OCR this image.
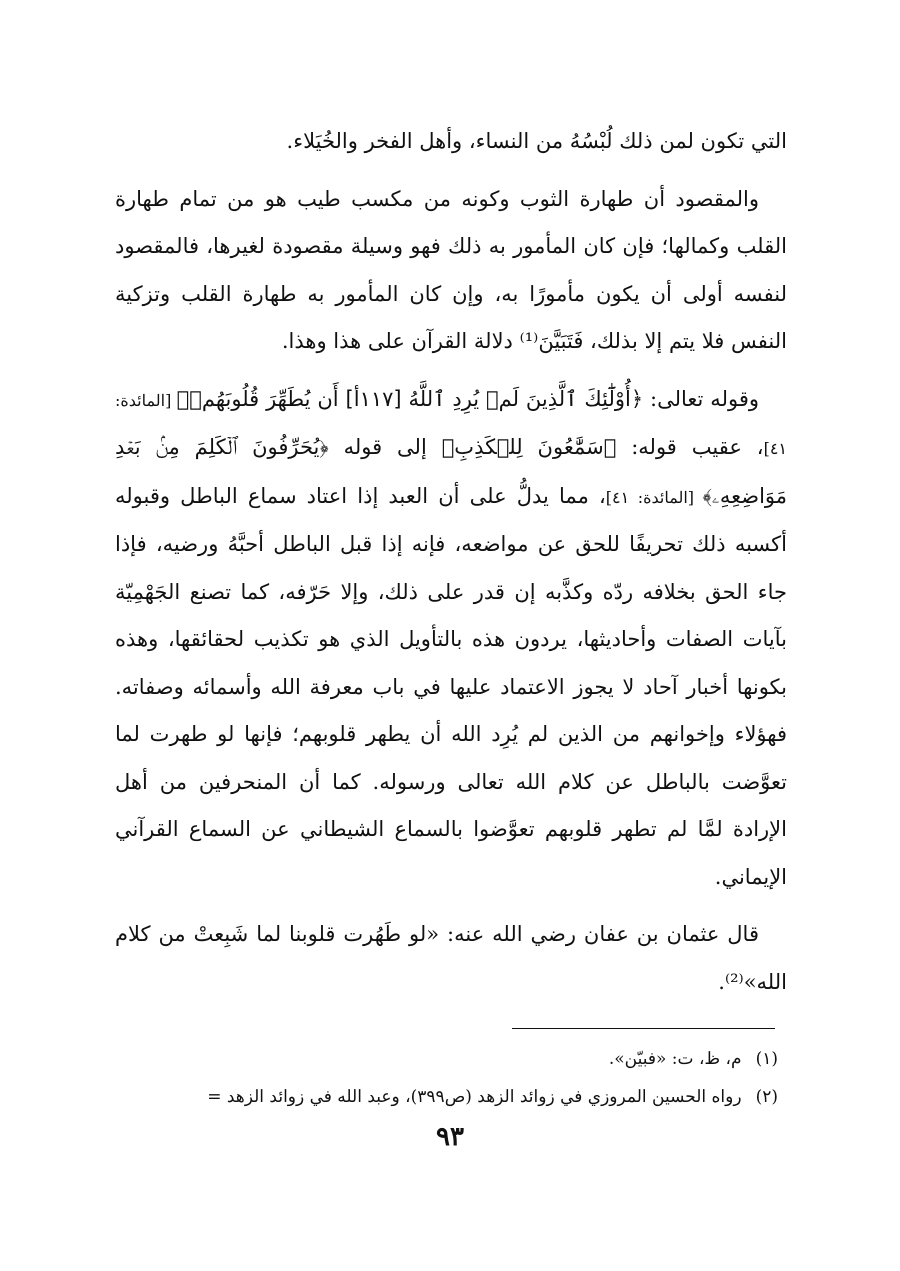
التي تكون لمن ذلك لُبْسُهُ من النساء، وأهل الفخر والخُيَلاء.

والمقصود أن طهارة الثوب وكونه من مكسب طيب هو من تمام طهارة القلب وكمالها؛ فإن كان المأمور به ذلك فهو وسيلة مقصودة لغيرها، فالمقصود لنفسه أولى أن يكون مأمورًا به، وإن كان المأمور به طهارة القلب وتزكية النفس فلا يتم إلا بذلك، فَتَبَيَّنَ⁽¹⁾ دلالة القرآن على هذا وهذا.

وقوله تعالى: ﴿أُوْلَٰٓئِكَ ٱلَّذِينَ لَمۡ يُرِدِ ٱللَّهُ [١١٧أ] أَن يُطَهِّرَ قُلُوبَهُمۡ﴾ [المائدة: ٤١]، عقيب قوله: ﴿سَمَّٰعُونَ لِلۡكَذِبِ﴾ إلى قوله ﴿يُحَرِّفُونَ ٱلۡكَلِمَ مِنۢ بَعۡدِ مَوَاضِعِهِۦ﴾ [المائدة: ٤١]، مما يدلُّ على أن العبد إذا اعتاد سماع الباطل وقبوله أكسبه ذلك تحريفًا للحق عن مواضعه، فإنه إذا قبل الباطل أحبَّهُ ورضيه، فإذا جاء الحق بخلافه ردّه وكذَّبه إن قدر على ذلك، وإلا حَرّفه، كما تصنع الجَهْمِيّة بآيات الصفات وأحاديثها، يردون هذه بالتأويل الذي هو تكذيب لحقائقها، وهذه بكونها أخبار آحاد لا يجوز الاعتماد عليها في باب معرفة الله وأسمائه وصفاته. فهؤلاء وإخوانهم من الذين لم يُرِد الله أن يطهر قلوبهم؛ فإنها لو طهرت لما تعوَّضت بالباطل عن كلام الله تعالى ورسوله. كما أن المنحرفين من أهل الإرادة لمَّا لم تطهر قلوبهم تعوَّضوا بالسماع الشيطاني عن السماع القرآني الإيماني.

قال عثمان بن عفان رضي الله عنه: «لو طَهُرت قلوبنا لما شَبِعتْ من كلام الله»⁽²⁾.

(١)م، ظ، ت: «فبيّن».
(٢)رواه الحسين المروزي في زوائد الزهد (ص٣٩٩)، وعبد الله في زوائد الزهد =
٩٣
